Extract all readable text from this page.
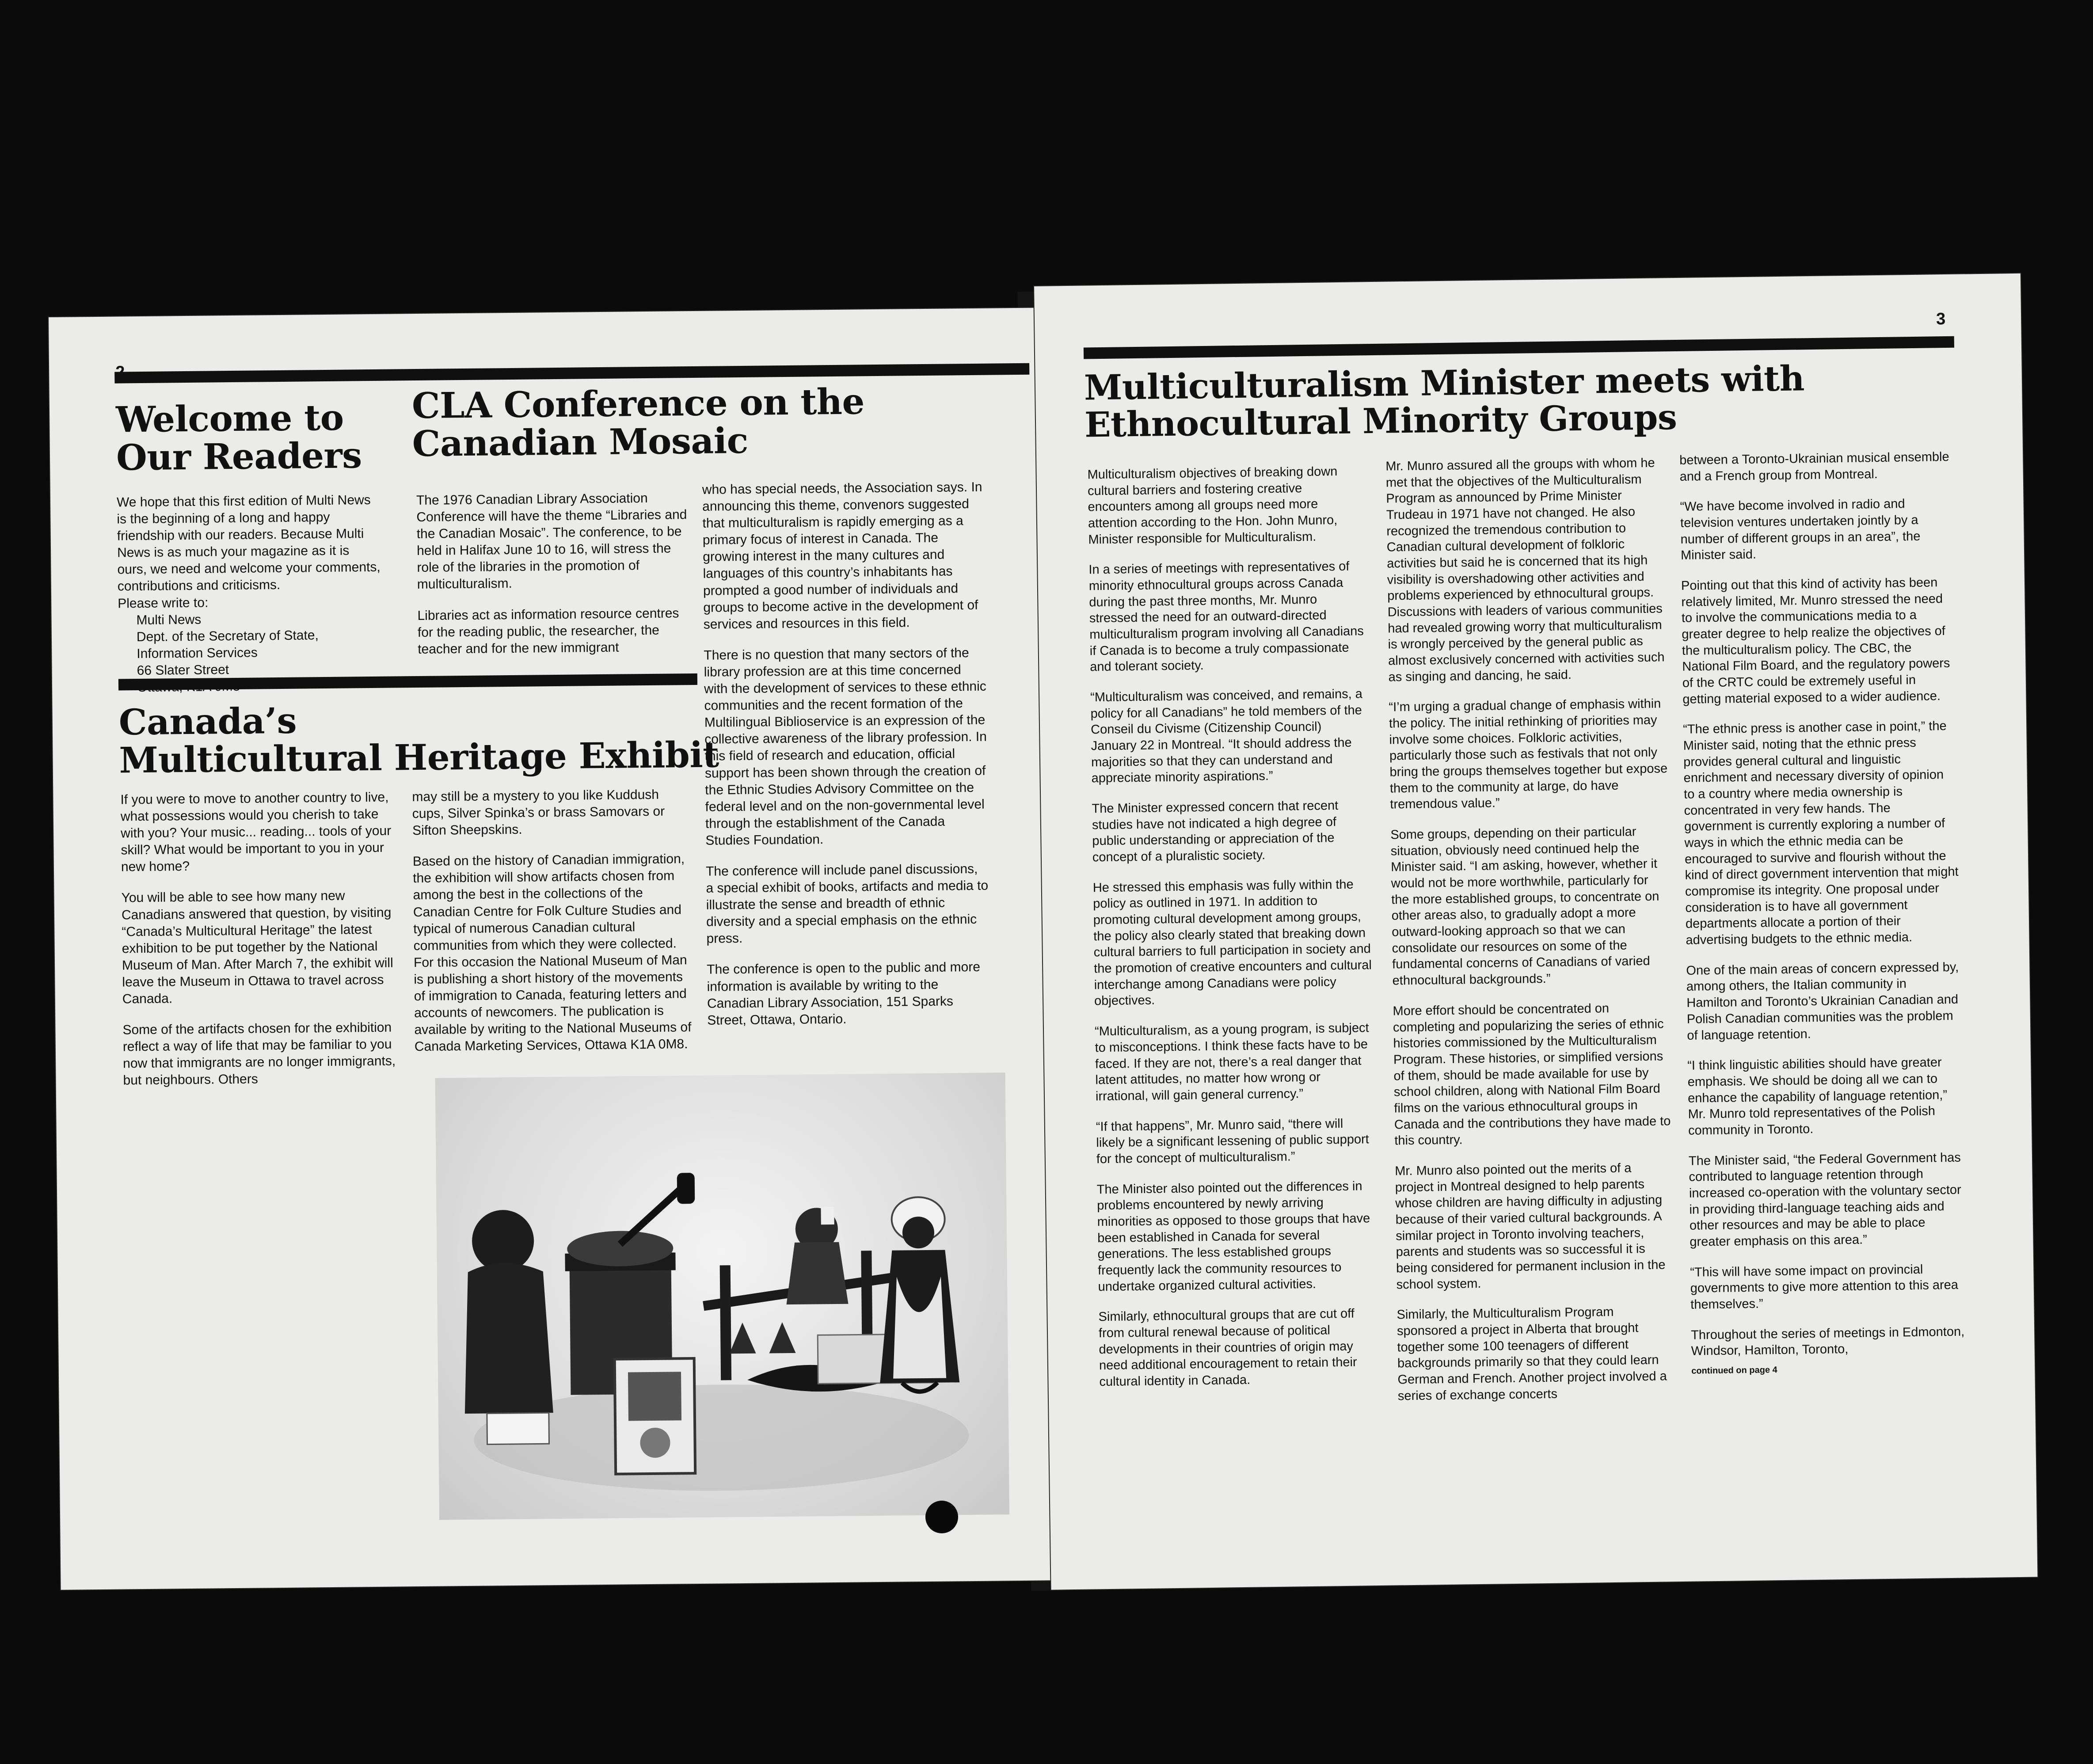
Welcome to
Our Readers

We hope that this first edition of Multi News is the beginning of a long and happy friendship with our readers. Because Multi News is as much your magazine as it is ours, we need and welcome your comments, contributions and criticisms.

Please write to:
Multi News
Dept. of the Secretary of State,
Information Services
66 Slater Street
CLA Conference on the
Canadian Mosaic

The 1976 Canadian Library Association Conference will have the theme “Libraries and the Canadian Mosaic”. The conference, to be held in Halifax June 10 to 16, will stress the role of the libraries in the promotion of multiculturalism.

Libraries act as information resource centres for the reading public, the researcher, the teacher and for the new immigrant

who has special needs, the Association says. In announcing this theme, convenors suggested that multiculturalism is rapidly emerging as a primary focus of interest in Canada. The growing interest in the many cultures and languages of this country’s inhabitants has prompted a good number of individuals and groups to become active in the development of services and resources in this field.

There is no question that many sectors of the library profession are at this time concerned with the development of services to these ethnic communities and the recent formation of the Multilingual Biblioservice is an expression of the collective awareness of the library profession. In this field of research and education, official support has been shown through the creation of the Ethnic Studies Advisory Committee on the federal level and on the non-governmental level through the establishment of the Canada Studies Foundation.

The conference will include panel discussions, a special exhibit of books, artifacts and media to illustrate the sense and breadth of ethnic diversity and a special emphasis on the ethnic press.

The conference is open to the public and more information is available by writing to the Canadian Library Association, 151 Sparks Street, Ottawa, Ontario.

Canada’s
Multicultural Heritage Exhibit

If you were to move to another country to live, what possessions would you cherish to take with you? Your music... reading... tools of your skill? What would be important to you in your new home?

You will be able to see how many new Canadians answered that question, by visiting “Canada’s Multicultural Heritage” the latest exhibition to be put together by the National Museum of Man. After March 7, the exhibit will leave the Museum in Ottawa to travel across Canada.

Some of the artifacts chosen for the exhibition reflect a way of life that may be familiar to you now that immigrants are no longer immigrants, but neighbours. Others

may still be a mystery to you like Kuddush cups, Silver Spinka’s or brass Samovars or Sifton Sheepskins.

Based on the history of Canadian immigration, the exhibition will show artifacts chosen from among the best in the collections of the Canadian Centre for Folk Culture Studies and typical of numerous Canadian cultural communities from which they were collected. For this occasion the National Museum of Man is publishing a short history of the movements of immigration to Canada, featuring letters and accounts of newcomers. The publication is available by writing to the National Museums of Canada Marketing Services, Ottawa K1A 0M8.

3
Multiculturalism Minister meets with
Ethnocultural Minority Groups

Multiculturalism objectives of breaking down cultural barriers and fostering creative encounters among all groups need more attention according to the Hon. John Munro, Minister responsible for Multiculturalism.

In a series of meetings with representatives of minority ethnocultural groups across Canada during the past three months, Mr. Munro stressed the need for an outward-directed multiculturalism program involving all Canadians if Canada is to become a truly compassionate and tolerant society.

“Multiculturalism was conceived, and remains, a policy for all Canadians” he told members of the Conseil du Civisme (Citizenship Council) January 22 in Montreal. “It should address the majorities so that they can understand and appreciate minority aspirations.”

The Minister expressed concern that recent studies have not indicated a high degree of public understanding or appreciation of the concept of a pluralistic society.

He stressed this emphasis was fully within the policy as outlined in 1971. In addition to promoting cultural development among groups, the policy also clearly stated that breaking down cultural barriers to full participation in society and the promotion of creative encounters and cultural interchange among Canadians were policy objectives.

“Multiculturalism, as a young program, is subject to misconceptions. I think these facts have to be faced. If they are not, there’s a real danger that latent attitudes, no matter how wrong or irrational, will gain general currency.”

“If that happens”, Mr. Munro said, “there will likely be a significant lessening of public support for the concept of multiculturalism.”

The Minister also pointed out the differences in problems encountered by newly arriving minorities as opposed to those groups that have been established in Canada for several generations. The less established groups frequently lack the community resources to undertake organized cultural activities.

Similarly, ethnocultural groups that are cut off from cultural renewal because of political developments in their countries of origin may need additional encouragement to retain their cultural identity in Canada.

Mr. Munro assured all the groups with whom he met that the objectives of the Multiculturalism Program as announced by Prime Minister Trudeau in 1971 have not changed. He also recognized the tremendous contribution to Canadian cultural development of folkloric activities but said he is concerned that its high visibility is overshadowing other activities and problems experienced by ethnocultural groups. Discussions with leaders of various communities had revealed growing worry that multiculturalism is wrongly perceived by the general public as almost exclusively concerned with activities such as singing and dancing, he said.

“I’m urging a gradual change of emphasis within the policy. The initial rethinking of priorities may involve some choices. Folkloric activities, particularly those such as festivals that not only bring the groups themselves together but expose them to the community at large, do have tremendous value.”

Some groups, depending on their particular situation, obviously need continued help the Minister said. “I am asking, however, whether it would not be more worthwhile, particularly for the more established groups, to concentrate on other areas also, to gradually adopt a more outward-looking approach so that we can consolidate our resources on some of the fundamental concerns of Canadians of varied ethnocultural backgrounds.”

More effort should be concentrated on completing and popularizing the series of ethnic histories commissioned by the Multiculturalism Program. These histories, or simplified versions of them, should be made available for use by school children, along with National Film Board films on the various ethnocultural groups in Canada and the contributions they have made to this country.

Mr. Munro also pointed out the merits of a project in Montreal designed to help parents whose children are having difficulty in adjusting because of their varied cultural backgrounds. A similar project in Toronto involving teachers, parents and students was so successful it is being considered for permanent inclusion in the school system.

Similarly, the Multiculturalism Program sponsored a project in Alberta that brought together some 100 teenagers of different backgrounds primarily so that they could learn German and French. Another project involved a series of exchange concerts

between a Toronto-Ukrainian musical ensemble and a French group from Montreal.

“We have become involved in radio and television ventures undertaken jointly by a number of different groups in an area”, the Minister said.

Pointing out that this kind of activity has been relatively limited, Mr. Munro stressed the need to involve the communications media to a greater degree to help realize the objectives of the multiculturalism policy. The CBC, the National Film Board, and the regulatory powers of the CRTC could be extremely useful in getting material exposed to a wider audience.

“The ethnic press is another case in point,” the Minister said, noting that the ethnic press provides general cultural and linguistic enrichment and necessary diversity of opinion to a country where media ownership is concentrated in very few hands. The government is currently exploring a number of ways in which the ethnic media can be encouraged to survive and flourish without the kind of direct government intervention that might compromise its integrity. One proposal under consideration is to have all government departments allocate a portion of their advertising budgets to the ethnic media.

One of the main areas of concern expressed by, among others, the Italian community in Hamilton and Toronto’s Ukrainian Canadian and Polish Canadian communities was the problem of language retention.

“I think linguistic abilities should have greater emphasis. We should be doing all we can to enhance the capability of language retention,” Mr. Munro told representatives of the Polish community in Toronto.

The Minister said, “the Federal Government has contributed to language retention through increased co-operation with the voluntary sector in providing third-language teaching aids and other resources and may be able to place greater emphasis on this area.”

“This will have some impact on provincial governments to give more attention to this area themselves.”

Throughout the series of meetings in Edmonton, Windsor, Hamilton, Toronto,

continued on page 4
